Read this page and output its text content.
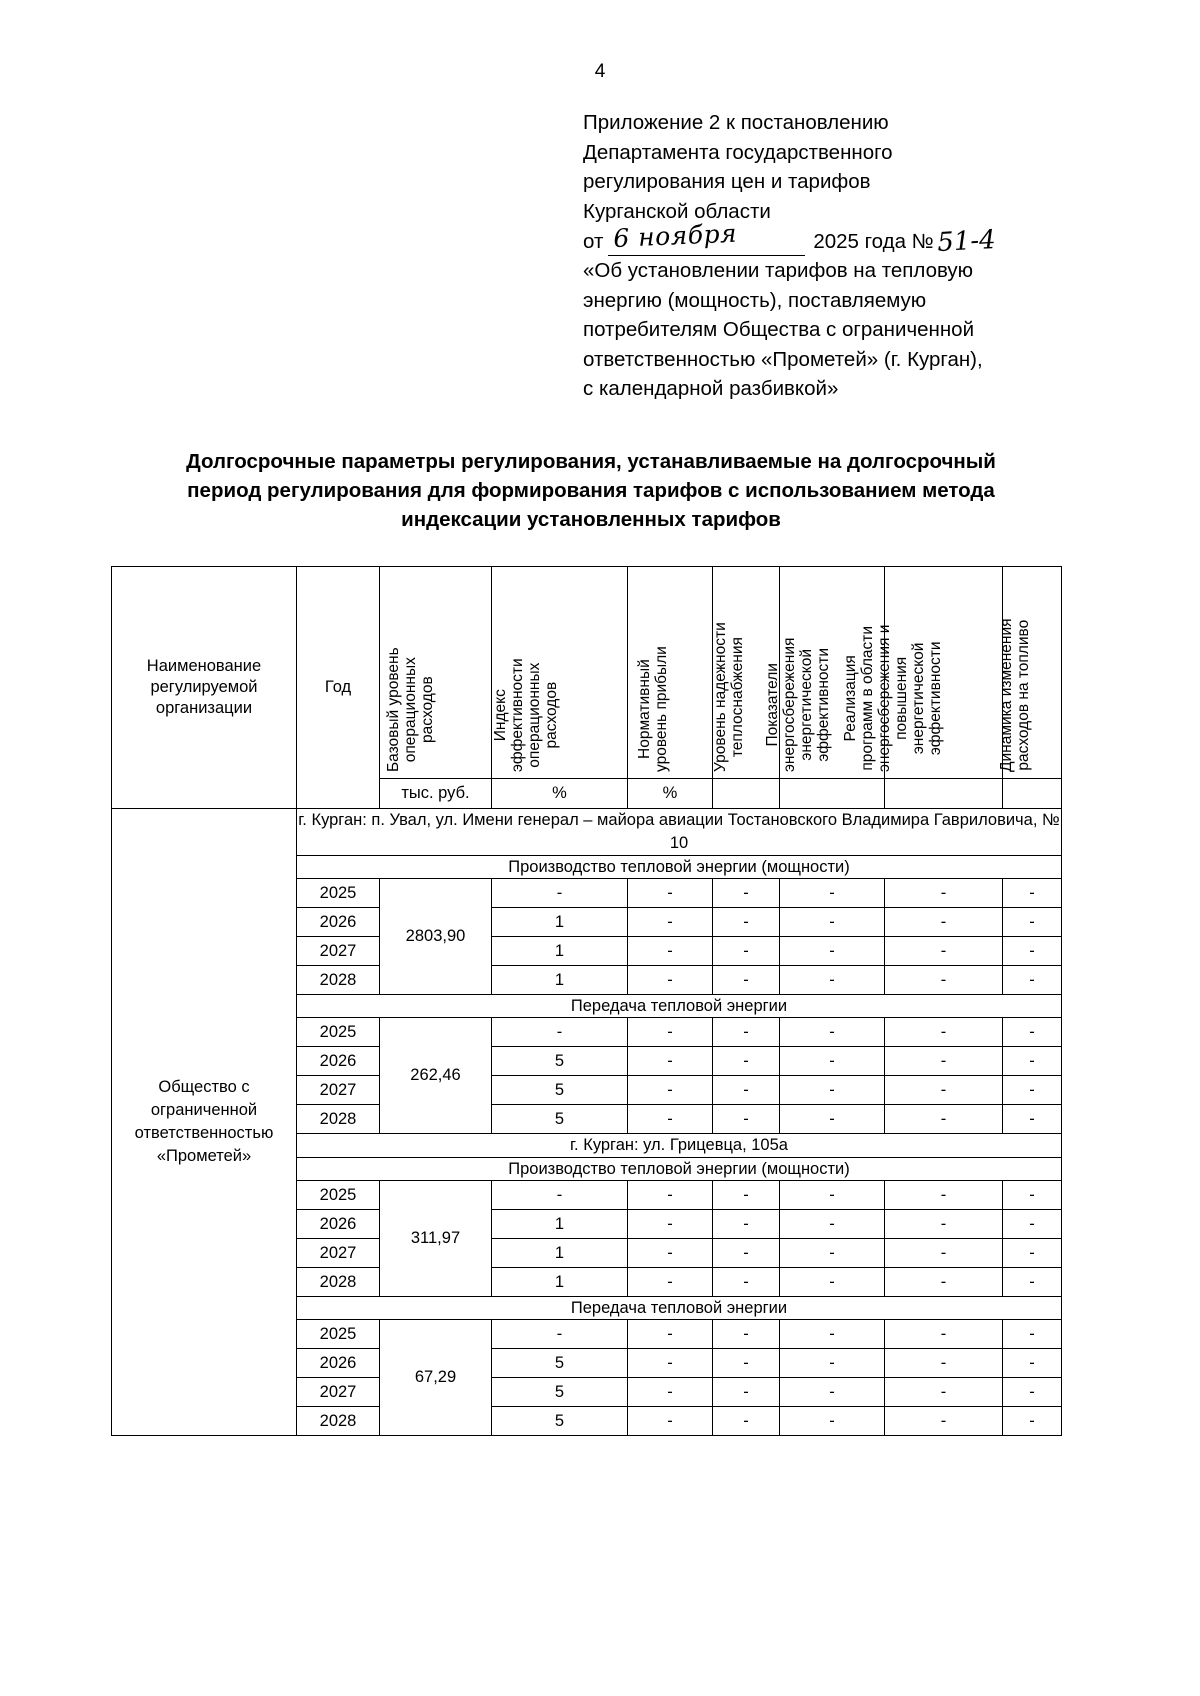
4
Приложение 2 к постановлению
Департамента государственного
регулирования цен и тарифов
Курганской области
от 6 ноября	2025 года № 51-4
«Об установлении тарифов на тепловую
энергию (мощность), поставляемую
потребителям Общества с ограниченной
ответственностью «Прометей» (г. Курган),
с календарной разбивкой»
Долгосрочные параметры регулирования, устанавливаемые на долгосрочный
период регулирования для формирования тарифов с использованием метода
индексации установленных тарифов
Наименование регулируемой организации	Год	Базовый уровень операционных расходов	Индекс эффективности операционных расходов	Нормативный уровень прибыли	Уровень надежности теплоснабжения	Показатели энергосбережения энергетической эффективности	Реализация программ в области энергосбережения и повышения энергетической эффективности	Динамика изменения расходов на топливо

		тыс. руб.	%	%				

Общество с
ограниченной
ответственностью
«Прометей»	г. Курган: п. Увал, ул. Имени генерал – майора авиации Тостановского Владимира Гавриловича, № 10							
	Производство тепловой энергии (мощности)							
	2025	2803,90	-	-	-	-	-	-
	2026		1	-	-	-	-	-
	2027		1	-	-	-	-	-
	2028		1	-	-	-	-	-
	Передача тепловой энергии							
	2025	262,46	-	-	-	-	-	-
	2026		5	-	-	-	-	-
	2027		5	-	-	-	-	-
	2028		5	-	-	-	-	-
	г. Курган: ул. Грицевца, 105а							
	Производство тепловой энергии (мощности)							
	2025	311,97	-	-	-	-	-	-
	2026		1	-	-	-	-	-
	2027		1	-	-	-	-	-
	2028		1	-	-	-	-	-
	Передача тепловой энергии							
	2025	67,29	-	-	-	-	-	-
	2026		5	-	-	-	-	-
	2027		5	-	-	-	-	-
	2028		5	-	-	-	-	-
